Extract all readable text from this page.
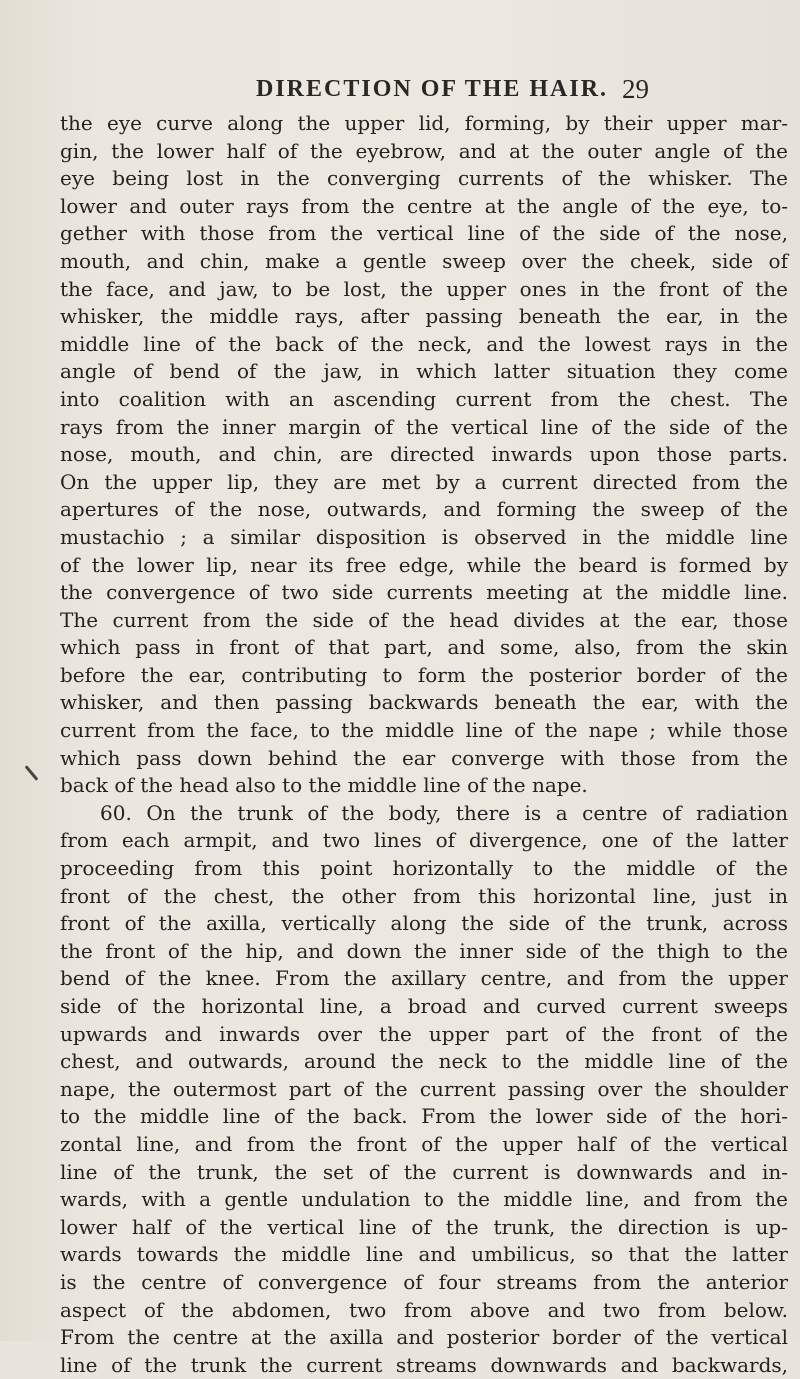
DIRECTION OF THE HAIR. 29
the eye curve along the upper lid, forming, by their upper mar-
gin, the lower half of the eyebrow, and at the outer angle of the
eye being lost in the converging currents of the whisker. The
lower and outer rays from the centre at the angle of the eye, to-
gether with those from the vertical line of the side of the nose,
mouth, and chin, make a gentle sweep over the cheek, side of
the face, and jaw, to be lost, the upper ones in the front of the
whisker, the middle rays, after passing beneath the ear, in the
middle line of the back of the neck, and the lowest rays in the
angle of bend of the jaw, in which latter situation they come
into coalition with an ascending current from the chest. The
rays from the inner margin of the vertical line of the side of the
nose, mouth, and chin, are directed inwards upon those parts.
On the upper lip, they are met by a current directed from the
apertures of the nose, outwards, and forming the sweep of the
mustachio ; a similar disposition is observed in the middle line
of the lower lip, near its free edge, while the beard is formed by
the convergence of two side currents meeting at the middle line.
The current from the side of the head divides at the ear, those
which pass in front of that part, and some, also, from the skin
before the ear, contributing to form the posterior border of the
whisker, and then passing backwards beneath the ear, with the
current from the face, to the middle line of the nape ; while those
which pass down behind the ear converge with those from the
back of the head also to the middle line of the nape.
60. On the trunk of the body, there is a centre of radiation
from each armpit, and two lines of divergence, one of the latter
proceeding from this point horizontally to the middle of the
front of the chest, the other from this horizontal line, just in
front of the axilla, vertically along the side of the trunk, across
the front of the hip, and down the inner side of the thigh to the
bend of the knee. From the axillary centre, and from the upper
side of the horizontal line, a broad and curved current sweeps
upwards and inwards over the upper part of the front of the
chest, and outwards, around the neck to the middle line of the
nape, the outermost part of the current passing over the shoulder
to the middle line of the back. From the lower side of the hori-
zontal line, and from the front of the upper half of the vertical
line of the trunk, the set of the current is downwards and in-
wards, with a gentle undulation to the middle line, and from the
lower half of the vertical line of the trunk, the direction is up-
wards towards the middle line and umbilicus, so that the latter
is the centre of convergence of four streams from the anterior
aspect of the abdomen, two from above and two from below.
From the centre at the axilla and posterior border of the vertical
line of the trunk the current streams downwards and backwards,
